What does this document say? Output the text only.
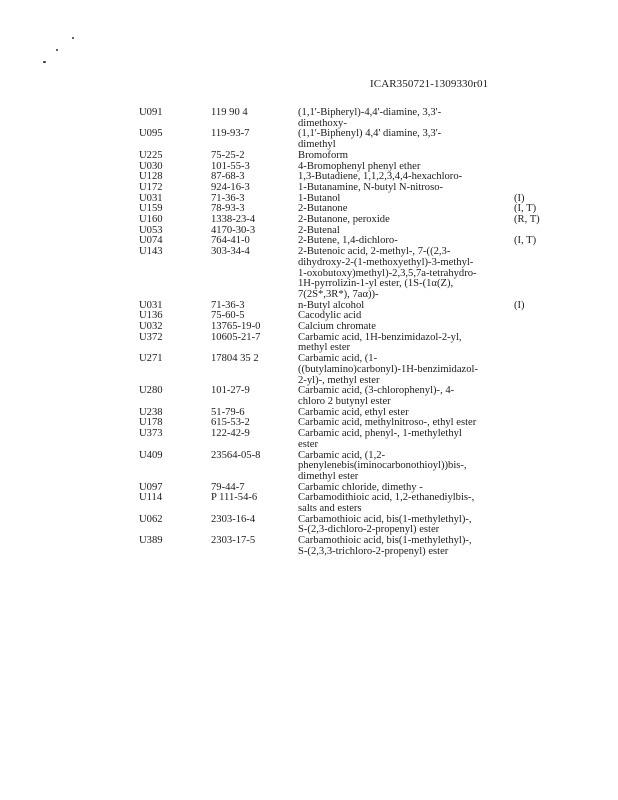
ICAR350721-1309330r01
U091	119 90 4	(1,1'-Bipheryl)-4,4'-diamine, 3,3'-
dimethoxy-
U095	119-93-7	(1,1'-Biphenyl) 4,4' diamine, 3,3'-
dimethyl
U225	75-25-2	Bromoform
U030	101-55-3	4-Bromophenyl phenyl ether
U128	87-68-3	1,3-Butadiene, 1,1,2,3,4,4-hexachloro-
U172	924-16-3	1-Butanamine, N-butyl N-nitroso-
U031	71-36-3	1-Butanol	(I)
U159	78-93-3	2-Butanone	(I, T)
U160	1338-23-4	2-Butanone, peroxide	(R, T)
U053	4170-30-3	2-Butenal
U074	764-41-0	2-Butene, 1,4-dichloro-	(I, T)
U143	303-34-4	2-Butenoic acid, 2-methyl-, 7-((2,3-
dihydroxy-2-(1-methoxyethyl)-3-methyl-
1-oxobutoxy)methyl)-2,3,5,7a-tetrahydro-
1H-pyrrolizin-1-yl ester, (1S-(1α(Z),
7(2S*,3R*), 7aα))-
U031	71-36-3	n-Butyl alcohol	(I)
U136	75-60-5	Cacodylic acid
U032	13765-19-0	Calcium chromate
U372	10605-21-7	Carbamic acid, 1H-benzimidazol-2-yl,
methyl ester
U271	17804 35 2	Carbamic acid, (1-
((butylamino)carbonyl)-1H-benzimidazol-
2-yl)-, methyl ester
U280	101-27-9	Carbamic acid, (3-chlorophenyl)-, 4-
chloro 2 butynyl ester
U238	51-79-6	Carbamic acid, ethyl ester
U178	615-53-2	Carbamic acid, methylnitroso-, ethyl ester
U373	122-42-9	Carbamic acid, phenyl-, 1-methylethyl
ester
U409	23564-05-8	Carbamic acid, (1,2-
phenylenebis(iminocarbonothioyl))bis-,
dimethyl ester
U097	79-44-7	Carbamic chloride, dimethy -
U114	P 111-54-6	Carbamodithioic acid, 1,2-ethanediylbis-,
salts and esters
U062	2303-16-4	Carbamothioic acid, bis(1-methylethyl)-,
S-(2,3-dichloro-2-propenyl) ester
U389	2303-17-5	Carbamothioic acid, bis(1-methylethyl)-,
S-(2,3,3-trichloro-2-propenyl) ester
